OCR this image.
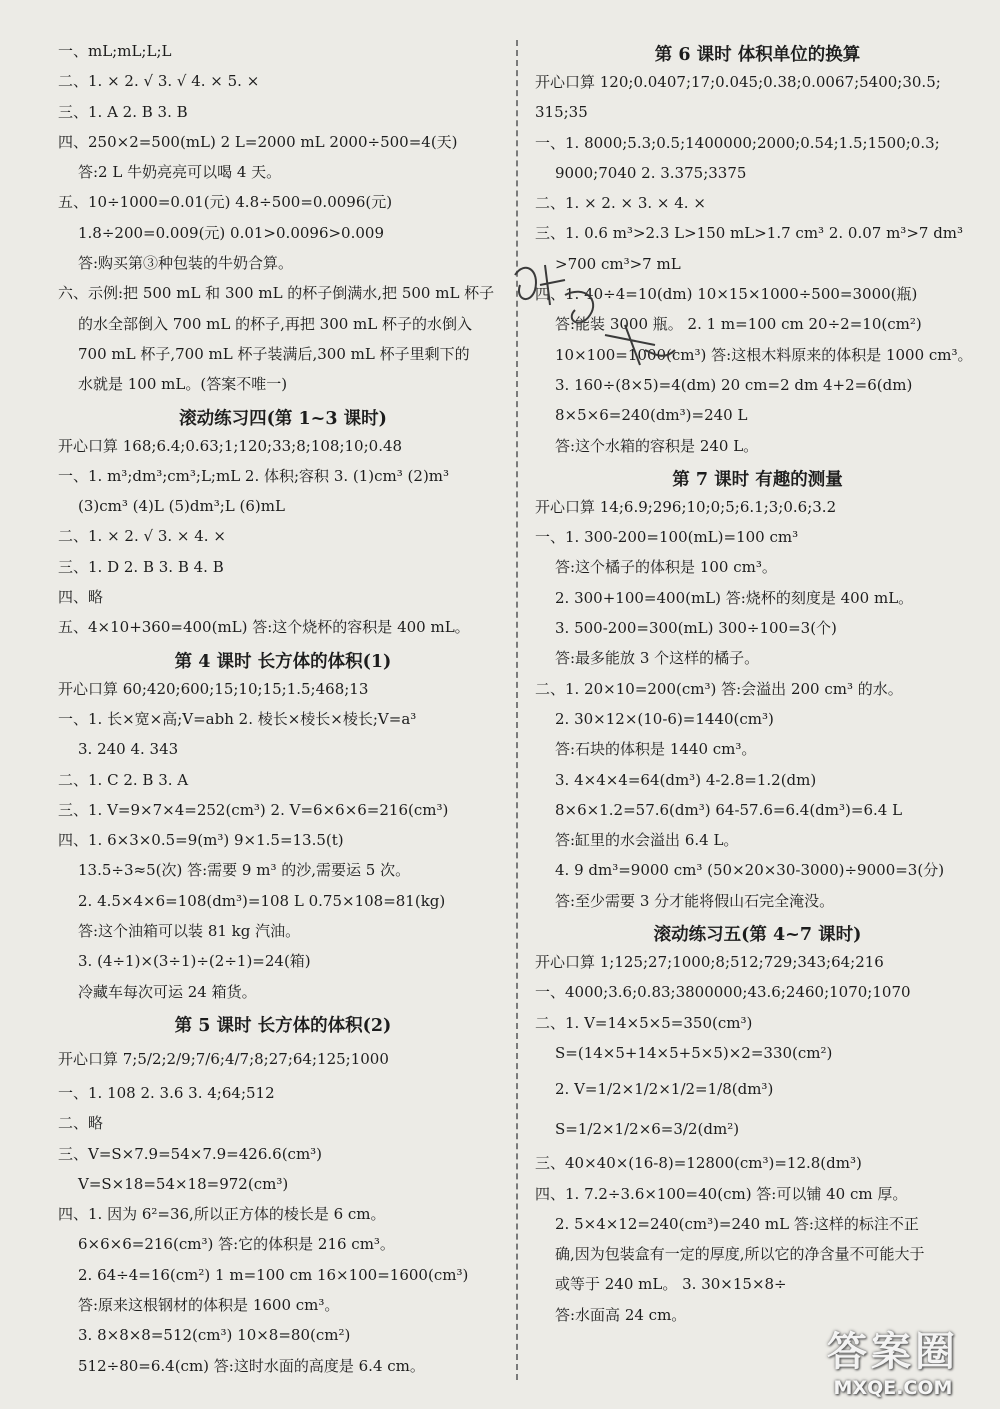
一、mL;mL;L;L
二、1. × 2. √ 3. √ 4. × 5. ×
三、1. A 2. B 3. B
四、250×2=500(mL) 2 L=2000 mL 2000÷500=4(天)
答:2 L 牛奶亮亮可以喝 4 天。
五、10÷1000=0.01(元) 4.8÷500=0.0096(元)
1.8÷200=0.009(元) 0.01>0.0096>0.009
答:购买第③种包装的牛奶合算。
六、示例:把 500 mL 和 300 mL 的杯子倒满水,把 500 mL 杯子
的水全部倒入 700 mL 的杯子,再把 300 mL 杯子的水倒入
700 mL 杯子,700 mL 杯子装满后,300 mL 杯子里剩下的
水就是 100 mL。(答案不唯一)
滚动练习四(第 1~3 课时)
开心口算 168;6.4;0.63;1;120;33;8;108;10;0.48
一、1. m³;dm³;cm³;L;mL 2. 体积;容积 3. (1)cm³ (2)m³
(3)cm³ (4)L (5)dm³;L (6)mL
二、1. × 2. √ 3. × 4. ×
三、1. D 2. B 3. B 4. B
四、略
五、4×10+360=400(mL) 答:这个烧杯的容积是 400 mL。
第 4 课时 长方体的体积(1)
开心口算 60;420;600;15;10;15;1.5;468;13
一、1. 长×宽×高;V=abh 2. 棱长×棱长×棱长;V=a³
3. 240 4. 343
二、1. C 2. B 3. A
三、1. V=9×7×4=252(cm³) 2. V=6×6×6=216(cm³)
四、1. 6×3×0.5=9(m³) 9×1.5=13.5(t)
13.5÷3≈5(次) 答:需要 9 m³ 的沙,需要运 5 次。
2. 4.5×4×6=108(dm³)=108 L 0.75×108=81(kg)
答:这个油箱可以装 81 kg 汽油。
3. (4÷1)×(3÷1)÷(2÷1)=24(箱)
冷藏车每次可运 24 箱货。
第 5 课时 长方体的体积(2)
开心口算 7;5/2;2/9;7/6;4/7;8;27;64;125;1000
一、1. 108 2. 3.6 3. 4;64;512
二、略
三、V=S×7.9=54×7.9=426.6(cm³)
V=S×18=54×18=972(cm³)
四、1. 因为 6²=36,所以正方体的棱长是 6 cm。
6×6×6=216(cm³) 答:它的体积是 216 cm³。
2. 64÷4=16(cm²) 1 m=100 cm 16×100=1600(cm³)
答:原来这根钢材的体积是 1600 cm³。
3. 8×8×8=512(cm³) 10×8=80(cm²)
512÷80=6.4(cm) 答:这时水面的高度是 6.4 cm。
第 6 课时 体积单位的换算
开心口算 120;0.0407;17;0.045;0.38;0.0067;5400;30.5;
315;35
一、1. 8000;5.3;0.5;1400000;2000;0.54;1.5;1500;0.3;
9000;7040 2. 3.375;3375
二、1. × 2. × 3. × 4. ×
三、1. 0.6 m³>2.3 L>150 mL>1.7 cm³ 2. 0.07 m³>7 dm³
>700 cm³>7 mL
四、1. 40÷4=10(dm) 10×15×1000÷500=3000(瓶)
答:能装 3000 瓶。 2. 1 m=100 cm 20÷2=10(cm²)
10×100=1000(cm³) 答:这根木料原来的体积是 1000 cm³。
3. 160÷(8×5)=4(dm) 20 cm=2 dm 4+2=6(dm)
8×5×6=240(dm³)=240 L
答:这个水箱的容积是 240 L。
第 7 课时 有趣的测量
开心口算 14;6.9;296;10;0;5;6.1;3;0.6;3.2
一、1. 300-200=100(mL)=100 cm³
答:这个橘子的体积是 100 cm³。
2. 300+100=400(mL) 答:烧杯的刻度是 400 mL。
3. 500-200=300(mL) 300÷100=3(个)
答:最多能放 3 个这样的橘子。
二、1. 20×10=200(cm³) 答:会溢出 200 cm³ 的水。
2. 30×12×(10-6)=1440(cm³)
答:石块的体积是 1440 cm³。
3. 4×4×4=64(dm³) 4-2.8=1.2(dm)
8×6×1.2=57.6(dm³) 64-57.6=6.4(dm³)=6.4 L
答:缸里的水会溢出 6.4 L。
4. 9 dm³=9000 cm³ (50×20×30-3000)÷9000=3(分)
答:至少需要 3 分才能将假山石完全淹没。
滚动练习五(第 4~7 课时)
开心口算 1;125;27;1000;8;512;729;343;64;216
一、4000;3.6;0.83;3800000;43.6;2460;1070;1070
二、1. V=14×5×5=350(cm³)
S=(14×5+14×5+5×5)×2=330(cm²)
2. V=1/2×1/2×1/2=1/8(dm³)
S=1/2×1/2×6=3/2(dm²)
三、40×40×(16-8)=12800(cm³)=12.8(dm³)
四、1. 7.2÷3.6×100=40(cm) 答:可以铺 40 cm 厚。
2. 5×4×12=240(cm³)=240 mL 答:这样的标注不正
确,因为包装盒有一定的厚度,所以它的净含量不可能大于
或等于 240 mL。 3. 30×15×8÷
答:水面高 24 cm。
答案圈
MXQE.COM
